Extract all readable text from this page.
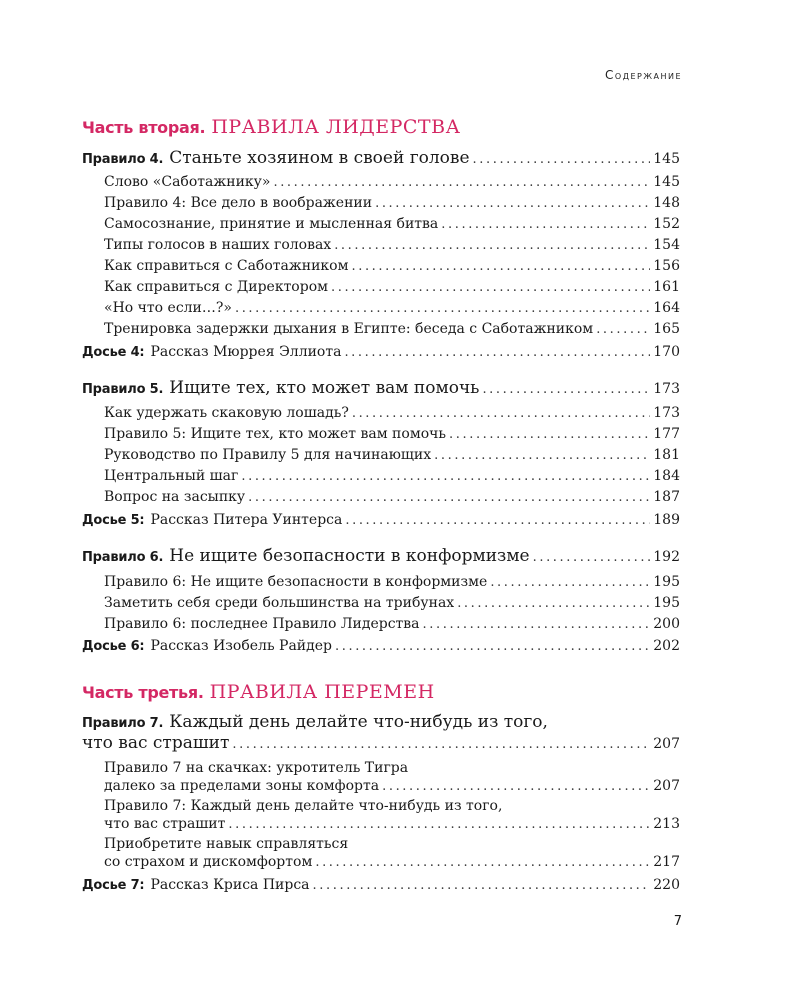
Содержание
Часть вторая. ПРАВИЛА ЛИДЕРСТВА
Правило 4. Станьте хозяином в своей голове .....	145
Слово «Саботажнику» .....	145
Правило 4: Все дело в воображении .....	148
Самосознание, принятие и мысленная битва .....	152
Типы голосов в наших головах .....	154
Как справиться с Саботажником .....	156
Как справиться с Директором .....	161
«Но что если…?» .....	164
Тренировка задержки дыхания в Египте: беседа с Саботажником .....	165
Досье 4: Рассказ Мюррея Эллиота .....	170
Правило 5. Ищите тех, кто может вам помочь .....	173
Как удержать скаковую лошадь? .....	173
Правило 5: Ищите тех, кто может вам помочь .....	177
Руководство по Правилу 5 для начинающих .....	181
Центральный шаг .....	184
Вопрос на засыпку .....	187
Досье 5: Рассказ Питера Уинтерса .....	189
Правило 6. Не ищите безопасности в конформизме .....	192
Правило 6: Не ищите безопасности в конформизме .....	195
Заметить себя среди большинства на трибунах .....	195
Правило 6: последнее Правило Лидерства .....	200
Досье 6: Рассказ Изобель Райдер .....	202
Часть третья. ПРАВИЛА ПЕРЕМЕН
Правило 7. Каждый день делайте что-нибудь из того,
что вас страшит .....	207
Правило 7 на скачках: укротитель Тигра
далеко за пределами зоны комфорта .....	207
Правило 7: Каждый день делайте что-нибудь из того,
что вас страшит .....	213
Приобретите навык справляться
со страхом и дискомфортом .....	217
Досье 7: Рассказ Криса Пирса .....	220
7
